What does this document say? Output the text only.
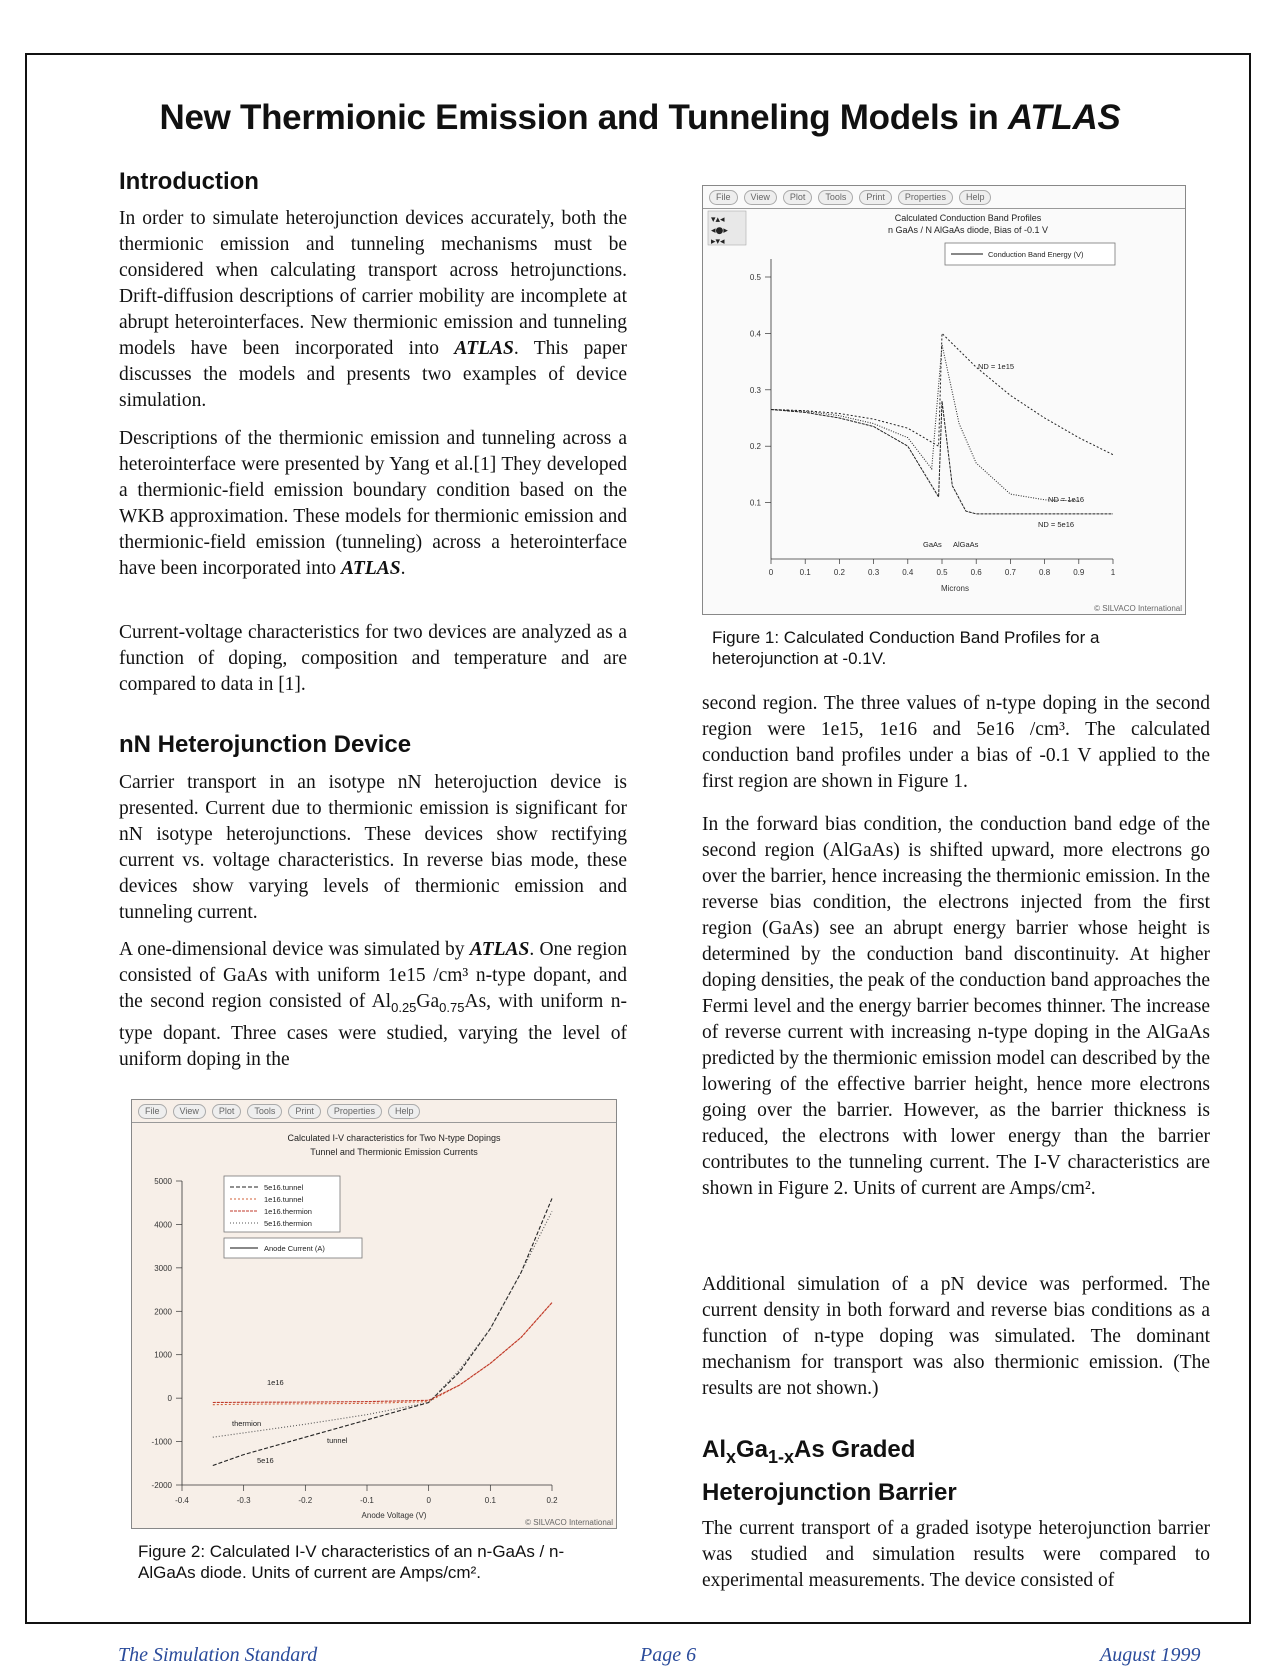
New Thermionic Emission and Tunneling Models in ATLAS
Introduction
In order to simulate heterojunction devices accurately, both the thermionic emission and tunneling mechanisms must be considered when calculating transport across hetrojunctions. Drift-diffusion descriptions of carrier mobility are incomplete at abrupt heterointerfaces. New thermionic emission and tunneling models have been incorporated into ATLAS. This paper discusses the models and presents two examples of device simulation.
Descriptions of the thermionic emission and tunneling across a heterointerface were presented by Yang et al.[1] They developed a thermionic-field emission boundary condition based on the WKB approximation. These models for thermionic emission and thermionic-field emission (tunneling) across a heterointerface have been incorporated into ATLAS.
Current-voltage characteristics for two devices are analyzed as a function of doping, composition and temperature and are compared to data in [1].
nN Heterojunction Device
Carrier transport in an isotype nN heterojuction device is presented. Current due to thermionic emission is significant for nN isotype heterojunctions. These devices show rectifying current vs. voltage characteristics. In reverse bias mode, these devices show varying levels of thermionic emission and tunneling current.
A one-dimensional device was simulated by ATLAS. One region consisted of GaAs with uniform 1e15 /cm³ n-type dopant, and the second region consisted of $Al_{0.25}Ga_{0.75}As$, with uniform n-type dopant. Three cases were studied, varying the level of uniform doping in the
File	View	Plot	Tools	Print	Properties	Help
Calculated I-V characteristics for Two N-type Dopings
Tunnel and Thermionic Emission Currents
-0.4	-0.3	-0.2	-0.1	0	0.1	0.2
-2000
-1000
0
1000
2000
3000
4000
5000
5e16.tunnel
1e16.tunnel
1e16.thermion
5e16.thermion
Anode Current (A)
1e16
thermion
tunnel
5e16
Anode Voltage (V)
© SILVACO International
Figure 2: Calculated I-V characteristics of an n-GaAs / n-AlGaAs diode. Units of current are Amps/cm².
File	View	Plot	Tools	Print	Properties	Help
▾▴◂
◂●▸
▸▾◂
Calculated Conduction Band Profiles
n GaAs / N AlGaAs diode, Bias of -0.1 V
0	0.1	0.2	0.3	0.4	0.5	0.6	0.7	0.8	0.9	1
0.1
0.2
0.3
0.4
0.5
Conduction Band Energy (V)
ND = 1e15
ND = 1e16
ND = 5e16
GaAs AlGaAs
Microns
© SILVACO International
Figure 1: Calculated Conduction Band Profiles for a heterojunction at -0.1V.
second region. The three values of n-type doping in the second region were 1e15, 1e16 and 5e16 /cm³. The calculated conduction band profiles under a bias of -0.1 V applied to the first region are shown in Figure 1.
In the forward bias condition, the conduction band edge of the second region (AlGaAs) is shifted upward, more electrons go over the barrier, hence increasing the thermionic emission. In the reverse bias condition, the electrons injected from the first region (GaAs) see an abrupt energy barrier whose height is determined by the conduction band discontinuity. At higher doping densities, the peak of the conduction band approaches the Fermi level and the energy barrier becomes thinner. The increase of reverse current with increasing n-type doping in the AlGaAs predicted by the thermionic emission model can described by the lowering of the effective barrier height, hence more electrons going over the barrier. However, as the barrier thickness is reduced, the electrons with lower energy than the barrier contributes to the tunneling current. The I-V characteristics are shown in Figure 2. Units of current are Amps/cm².
Additional simulation of a pN device was performed. The current density in both forward and reverse bias conditions as a function of n-type doping was simulated. The dominant mechanism for transport was also thermionic emission. (The results are not shown.)
$Al_xGa_{1-x}As$ Graded
Heterojunction Barrier
The current transport of a graded isotype heterojunction barrier was studied and simulation results were compared to experimental measurements. The device consisted of
The Simulation Standard	Page 6	August 1999
